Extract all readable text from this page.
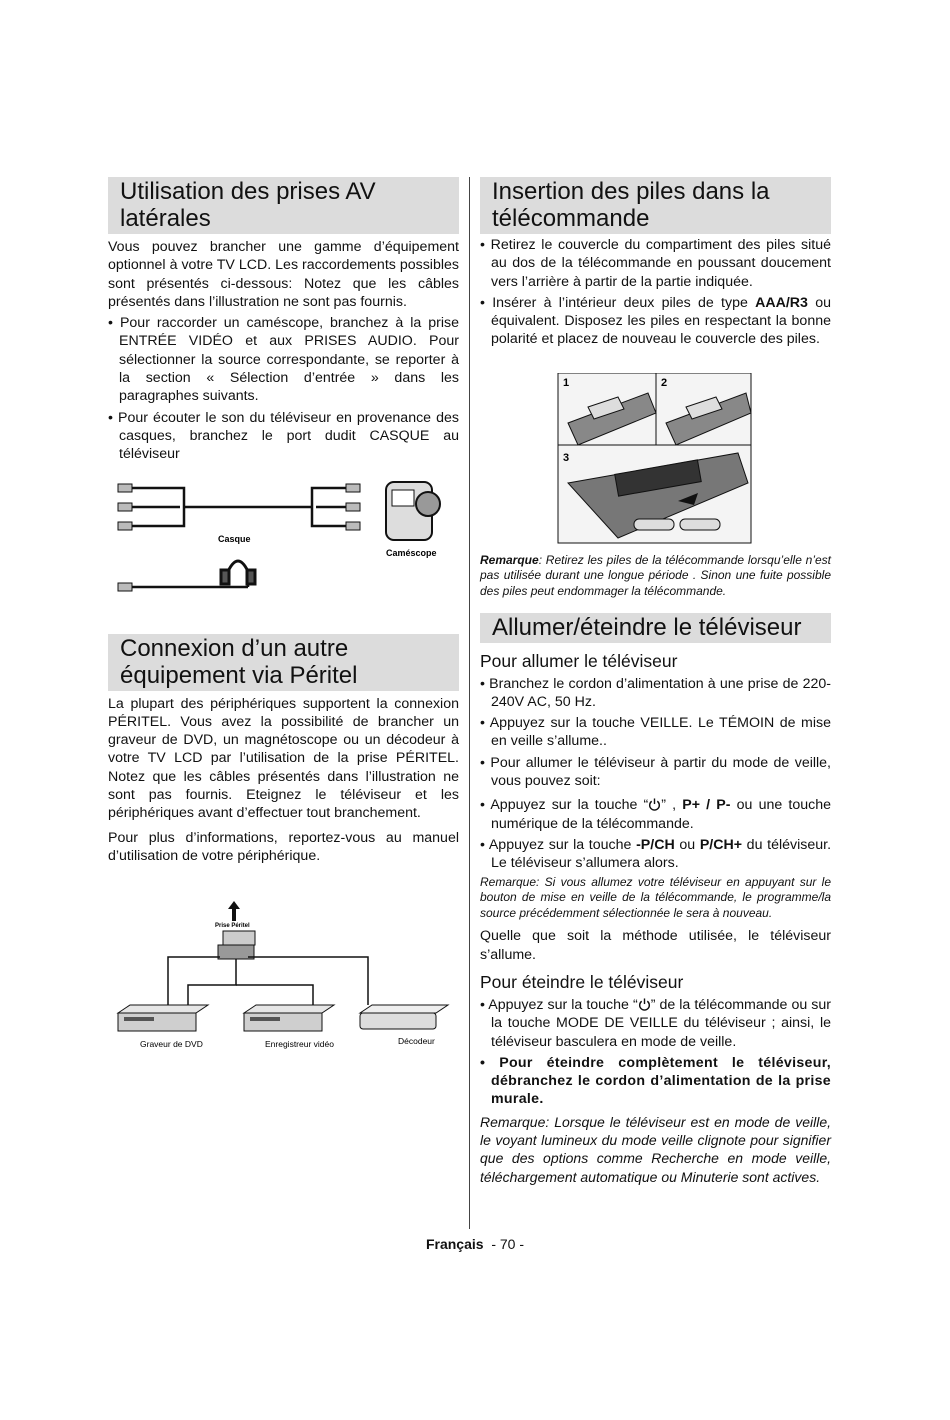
Utilisation des prises AV latérales

Vous pouvez brancher une gamme d’équipement optionnel à votre TV LCD. Les raccordements possibles sont présentés ci-dessous: Notez que les câbles présentés dans l’illustration ne sont pas fournis.

• Pour raccorder un caméscope, branchez à la prise ENTRÉE VIDÉO et aux PRISES AUDIO. Pour sélectionner la source correspondante, se reporter à la section « Sélection d’entrée » dans les paragraphes suivants.

• Pour écouter le son du téléviseur en provenance des casques, branchez le port dudit CASQUE au téléviseur

Casque
Caméscope
Connexion d’un autre équipement via Péritel

La plupart des périphériques supportent la connexion PÉRITEL. Vous avez la possibilité de brancher un graveur de DVD, un magnétoscope ou un décodeur à votre TV LCD par l’utilisation de la prise PÉRITEL. Notez que les câbles présentés dans l’illustration ne sont pas fournis. Eteignez le téléviseur et les périphériques avant d’effectuer tout branchement.

Pour plus d’informations, reportez-vous au manuel d’utilisation de votre périphérique.

Prise Péritel
Graveur de DVD	Enregistreur vidéo	Décodeur
Insertion des piles dans la télécommande

• Retirez le couvercle du compartiment des piles situé au dos de la télécommande en poussant doucement vers l’arrière à partir de la partie indiquée.

• Insérer à l’intérieur deux piles de type AAA/R3 ou équivalent. Disposez les piles en respectant la bonne polarité et placez de nouveau le couvercle des piles.

1	2
3

Remarque: Retirez les piles de la télécommande lorsqu’elle n’est pas utilisée durant une longue période . Sinon une fuite possible des piles peut endommager la télécommande.

Allumer/éteindre le téléviseur
Pour allumer le téléviseur

• Branchez le cordon d’alimentation à une prise de 220-240V AC, 50 Hz.

• Appuyez sur la touche VEILLE. Le TÉMOIN de mise en veille s’allume..

• Pour allumer le téléviseur à partir du mode de veille, vous pouvez soit:

• Appuyez sur la touche “ ” , P+ / P- ou une touche numérique de la télécommande.

• Appuyez sur la touche -P/CH ou P/CH+ du téléviseur. Le téléviseur s’allumera alors.

Remarque: Si vous allumez votre téléviseur en appuyant sur le bouton de mise en veille de la télécommande, le programme/la source précédemment sélectionnée le sera à nouveau.

Quelle que soit la méthode utilisée, le téléviseur s’allume.

Pour éteindre le téléviseur

• Appuyez sur la touche “ ” de la télécommande ou sur la touche MODE DE VEILLE du téléviseur ; ainsi, le téléviseur basculera en mode de veille.

• Pour éteindre complètement le téléviseur, débranchez le cordon d’alimentation de la prise murale.

Remarque: Lorsque le téléviseur est en mode de veille, le voyant lumineux du mode veille clignote pour signifier que des options comme Recherche en mode veille, téléchargement automatique ou Minuterie sont actives.

Français  - 70 -
